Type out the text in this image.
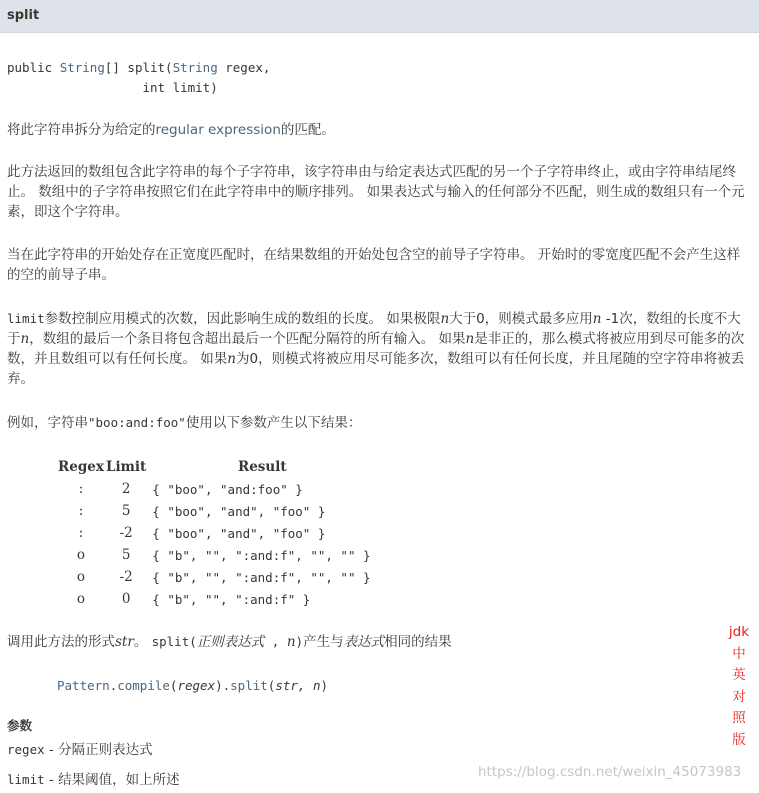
split
public String[] split(String regex,
int limit)

将此字符串拆分为给定的regular expression的匹配。

此方法返回的数组包含此字符串的每个子字符串，该字符串由与给定表达式匹配的另一个子字符串终止，或由字符串结尾终止。 数组中的子字符串按照它们在此字符串中的顺序排列。 如果表达式与输入的任何部分不匹配，则生成的数组只有一个元素，即这个字符串。

当在此字符串的开始处存在正宽度匹配时，在结果数组的开始处包含空的前导子字符串。 开始时的零宽度匹配不会产生这样的空的前导子串。

limit参数控制应用模式的次数，因此影响生成的数组的长度。 如果极限n大于0，则模式最多应用n -1次，数组的长度不大于n，数组的最后一个条目将包含超出最后一个匹配分隔符的所有输入。 如果n是非正的，那么模式将被应用到尽可能多的次数，并且数组可以有任何长度。 如果n为0，则模式将被应用尽可能多次，数组可以有任何长度，并且尾随的空字符串将被丢弃。

例如，字符串"boo:and:foo"使用以下参数产生以下结果：

Regex	Limit	Result
:	2	{ "boo", "and:foo" }
:	5	{ "boo", "and", "foo" }
:	-2	{ "boo", "and", "foo" }
o	5	{ "b", "", ":and:f", "", "" }
o	-2	{ "b", "", ":and:f", "", "" }
o	0	{ "b", "", ":and:f" }

调用此方法的形式str。 split(正则表达式 , n)产生与表达式相同的结果

Pattern.compile(regex).split(str, n)
参数
regex - 分隔正则表达式
limit - 结果阈值，如上所述
jdk
中
英
对
照
版
https://blog.csdn.net/weixin_45073983
